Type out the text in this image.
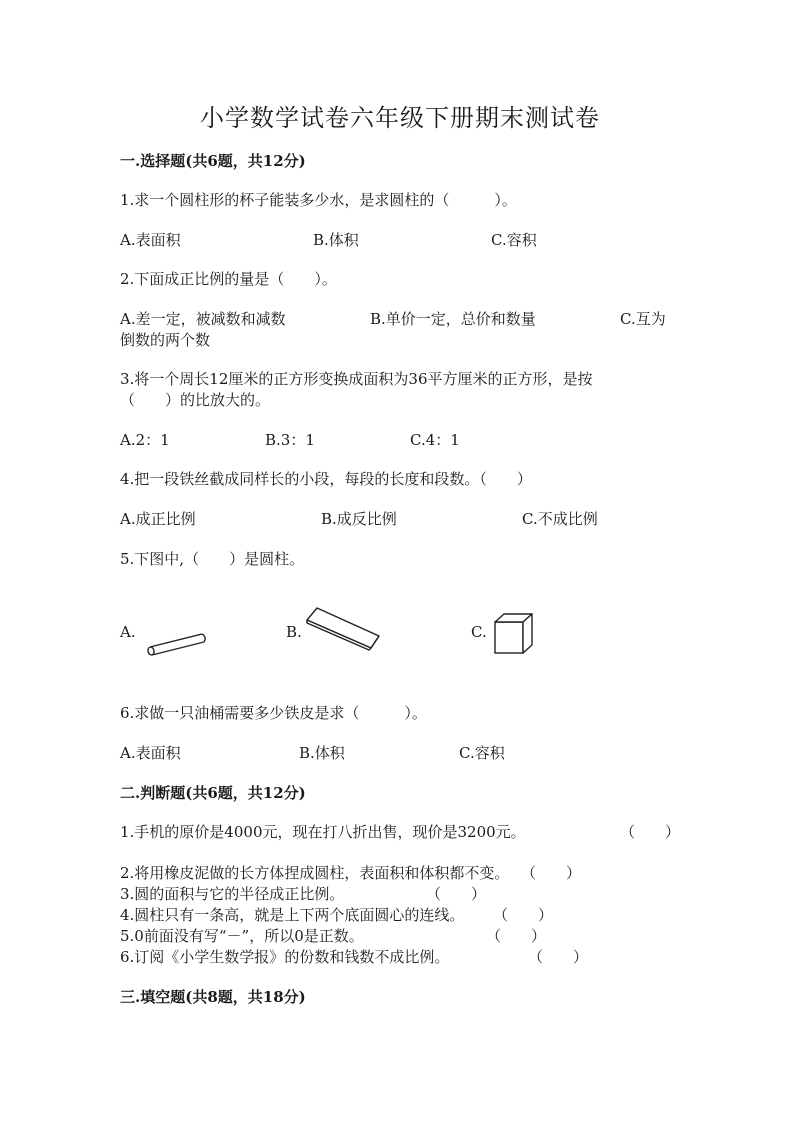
小学数学试卷六年级下册期末测试卷
一.选择题(共6题，共12分)
1.求一个圆柱形的杯子能装多少水，是求圆柱的（　　　）。
A.表面积	B.体积	C.容积
2.下面成正比例的量是（　　）。
A.差一定，被减数和减数	B.单价一定，总价和数量	C.互为
倒数的两个数
3.将一个周长12厘米的正方形变换成面积为36平方厘米的正方形，是按
（　　）的比放大的。
A.2：1	B.3：1	C.4：1
4.把一段铁丝截成同样长的小段，每段的长度和段数。（　　）
A.成正比例	B.成反比例	C.不成比例
5.下图中,（　　）是圆柱。
A.	B.	C.
6.求做一只油桶需要多少铁皮是求（　　　）。
A.表面积	B.体积	C.容积
二.判断题(共6题，共12分)
1.手机的原价是4000元，现在打八折出售，现价是3200元。	（　　）
2.将用橡皮泥做的长方体捏成圆柱，表面积和体积都不变。 （　　）
3.圆的面积与它的半径成正比例。	（　　）
4.圆柱只有一条高，就是上下两个底面圆心的连线。 （　　）
5.0前面没有写“－”，所以0是正数。	（　　）
6.订阅《小学生数学报》的份数和钱数不成比例。	（　　）
三.填空题(共8题，共18分)
